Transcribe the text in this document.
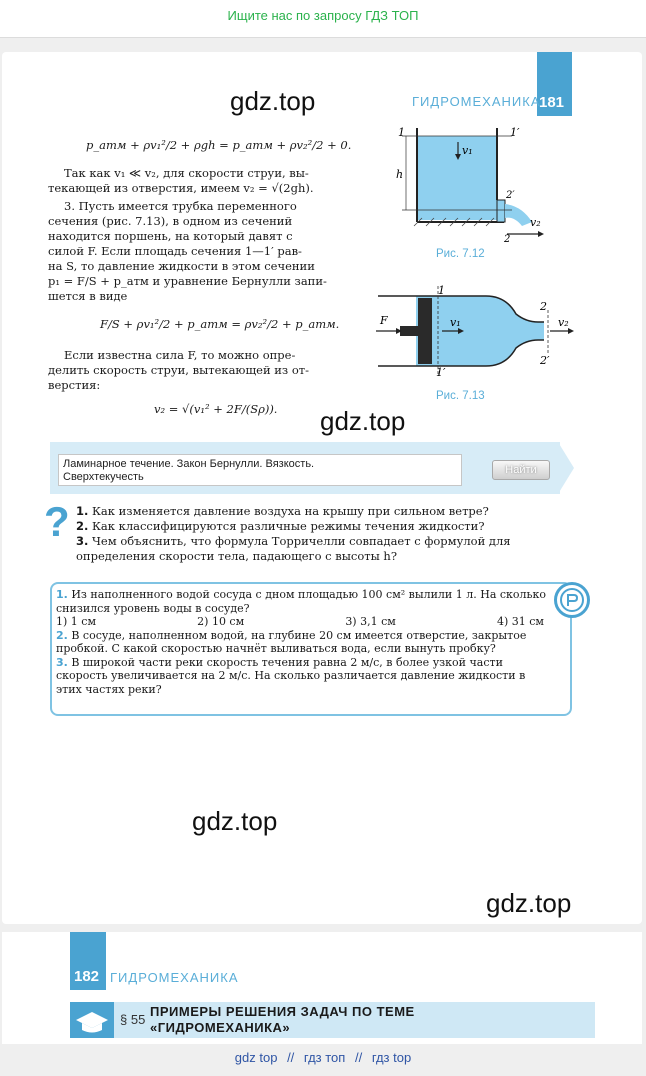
Ищите нас по запросу ГДЗ ТОП
ГИДРОМЕХАНИКА
181
gdz.top
p_атм + ρv₁²/2 + ρgh = p_атм + ρv₂²/2 + 0.
Так как v₁ ≪ v₂, для скорости струи, вы-
текающей из отверстия, имеем v₂ = √(2gh).
3. Пусть имеется трубка переменного
сечения (рис. 7.13), в одном из сечений
находится поршень, на который давят с
силой F. Если площадь сечения 1—1′ рав-
на S, то давление жидкости в этом сечении
p₁ = F/S + p_атм и уравнение Бернулли запи-
шется в виде
F/S + ρv₁²/2 + p_атм = ρv₂²/2 + p_атм.
Если известна сила F, то можно опре-
делить скорость струи, вытекающей из от-
верстия:
v₂ = √(v₁² + 2F/(Sρ)).
1	1′
h
2′
2
v₁
v₂
Рис. 7.12
1
1′
2
2′
F	v₁	v₂
Рис. 7.13
gdz.top
Ламинарное течение. Закон Бернулли. Вязкость.
Сверхтекучесть
Найти
? 1. Как изменяется давление воздуха на крышу при сильном ветре?
2. Как классифицируются различные режимы течения жидкости?
3. Чем объяснить, что формула Торричелли совпадает с формулой для определения скорости тела, падающего с высоты h?
1. Из наполненного водой сосуда с дном площадью 100 см² вылили 1 л. На сколько снизился уровень воды в сосуде?
1) 1 см	2) 10 см	3) 3,1 см	4) 31 см
2. В сосуде, наполненном водой, на глубине 20 см имеется отверстие, закрытое пробкой. С какой скоростью начнёт выливаться вода, если вынуть пробку?
3. В широкой части реки скорость течения равна 2 м/с, в более узкой части скорость увеличивается на 2 м/с. На сколько различается давление жидкости в этих частях реки?
gdz.top
gdz.top
182 ГИДРОМЕХАНИКА
§ 55
ПРИМЕРЫ РЕШЕНИЯ ЗАДАЧ ПО ТЕМЕ
«ГИДРОМЕХАНИКА»
gdz top // гдз топ // гдз top
